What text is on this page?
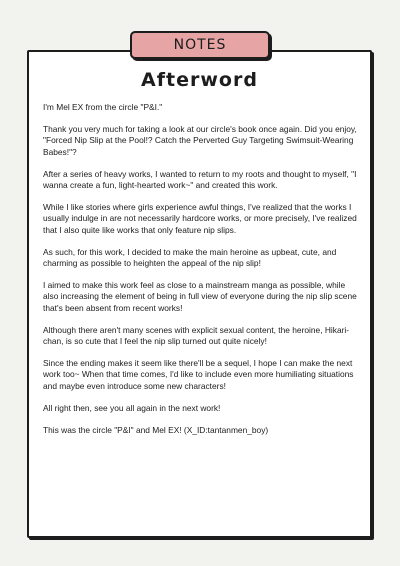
NOTES
Afterword

I'm Mel EX from the circle "P&I."

Thank you very much for taking a look at our circle's book once again. Did you enjoy, "Forced Nip Slip at the Pool!? Catch the Perverted Guy Targeting Swimsuit-Wearing Babes!"?

After a series of heavy works, I wanted to return to my roots and thought to myself, "I wanna create a fun, light-hearted work~" and created this work.

While I like stories where girls experience awful things, I've realized that the works I usually indulge in are not necessarily hardcore works, or more precisely, I've realized that I also quite like works that only feature nip slips.

As such, for this work, I decided to make the main heroine as upbeat, cute, and charming as possible to heighten the appeal of the nip slip!

I aimed to make this work feel as close to a mainstream manga as possible, while also increasing the element of being in full view of everyone during the nip slip scene that's been absent from recent works!

Although there aren't many scenes with explicit sexual content, the heroine, Hikari-chan, is so cute that I feel the nip slip turned out quite nicely!

Since the ending makes it seem like there'll be a sequel, I hope I can make the next work too~ When that time comes, I'd like to include even more humiliating situations and maybe even introduce some new characters!

All right then, see you all again in the next work!

This was the circle "P&I" and Mel EX! (X_ID:tantanmen_boy)
